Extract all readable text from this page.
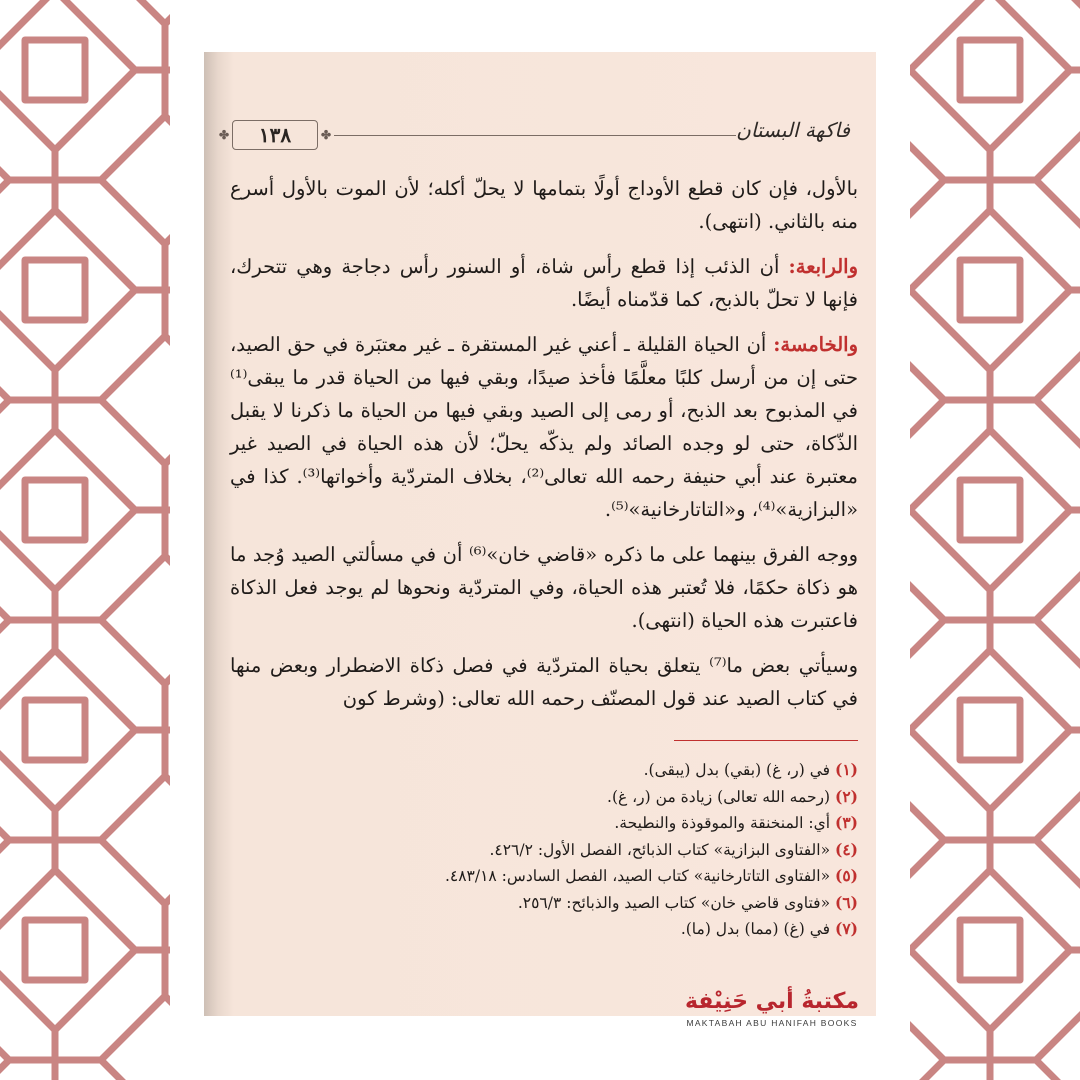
✤ ١٣٨ ✤	فاكهة البستان

بالأول، فإن كان قطع الأوداج أولًا بتمامها لا يحلّ أكله؛ لأن الموت بالأول أسرع منه بالثاني. (انتهى).

والرابعة: أن الذئب إذا قطع رأس شاة، أو السنور رأس دجاجة وهي تتحرك، فإنها لا تحلّ بالذبح، كما قدّمناه أيضًا.

والخامسة: أن الحياة القليلة ـ أعني غير المستقرة ـ غير معتبَرة في حق الصيد، حتى إن من أرسل كلبًا معلَّمًا فأخذ صيدًا، وبقي فيها من الحياة قدر ما يبقى⁽¹⁾ في المذبوح بعد الذبح، أو رمى إلى الصيد وبقي فيها من الحياة ما ذكرنا لا يقبل الذّكاة، حتى لو وجده الصائد ولم يذكّه يحلّ؛ لأن هذه الحياة في الصيد غير معتبرة عند أبي حنيفة رحمه الله تعالى⁽²⁾، بخلاف المتردّية وأخواتها⁽³⁾. كذا في «البزازية»⁽⁴⁾، و«التاتارخانية»⁽⁵⁾.

ووجه الفرق بينهما على ما ذكره «قاضي خان»⁽⁶⁾ أن في مسألتي الصيد وُجد ما هو ذكاة حكمًا، فلا تُعتبر هذه الحياة، وفي المتردّية ونحوها لم يوجد فعل الذكاة فاعتبرت هذه الحياة (انتهى).

وسيأتي بعض ما⁽⁷⁾ يتعلق بحياة المتردّية في فصل ذكاة الاضطرار وبعض منها في كتاب الصيد عند قول المصنّف رحمه الله تعالى: (وشرط كون

(١) في (ر، غ) (بقي) بدل (يبقى).
(٢) (رحمه الله تعالى) زيادة من (ر، غ).
(٣) أي: المنخنقة والموقوذة والنطيحة.
(٤) «الفتاوى البزازية» كتاب الذبائح، الفصل الأول: ٤٢٦/٢.
(٥) «الفتاوى التاتارخانية» كتاب الصيد، الفصل السادس: ٤٨٣/١٨.
(٦) «فتاوى قاضي خان» كتاب الصيد والذبائح: ٢٥٦/٣.
(٧) في (غ) (مما) بدل (ما).
مكتبةُ أبي حَنِيْفة
MAKTABAH ABU HANIFAH BOOKS
